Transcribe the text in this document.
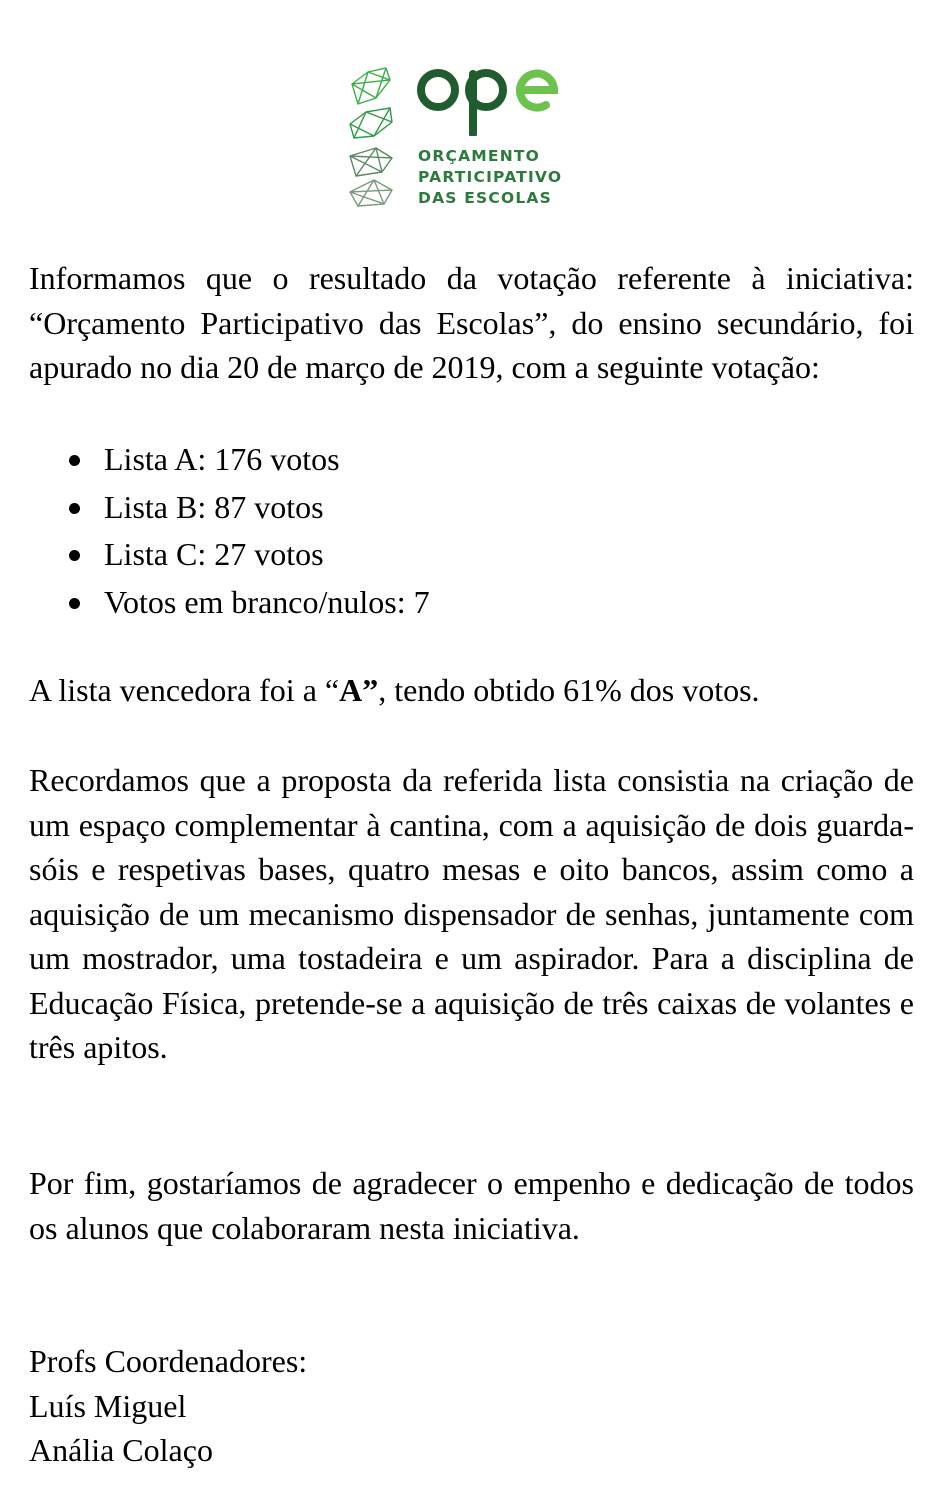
ORÇAMENTO
PARTICIPATIVO
DAS ESCOLAS
Informamos que o resultado da votação referente à iniciativa: “Orçamento Participativo das Escolas”, do ensino secundário, foi apurado no dia 20 de março de 2019, com a seguinte votação:
Lista A: 176 votos
Lista B: 87 votos
Lista C: 27 votos
Votos em branco/nulos: 7
A lista vencedora foi a “A”, tendo obtido 61% dos votos.
Recordamos que a proposta da referida lista consistia na criação de um espaço complementar à cantina, com a aquisição de dois guarda-sóis e respetivas bases, quatro mesas e oito bancos, assim como a aquisição de um mecanismo dispensador de senhas, juntamente com um mostrador, uma tostadeira e um aspirador. Para a disciplina de Educação Física, pretende-se a aquisição de três caixas de volantes e três apitos.
Por fim, gostaríamos de agradecer o empenho e dedicação de todos os alunos que colaboraram nesta iniciativa.
Profs Coordenadores:
Luís Miguel
Anália Colaço
